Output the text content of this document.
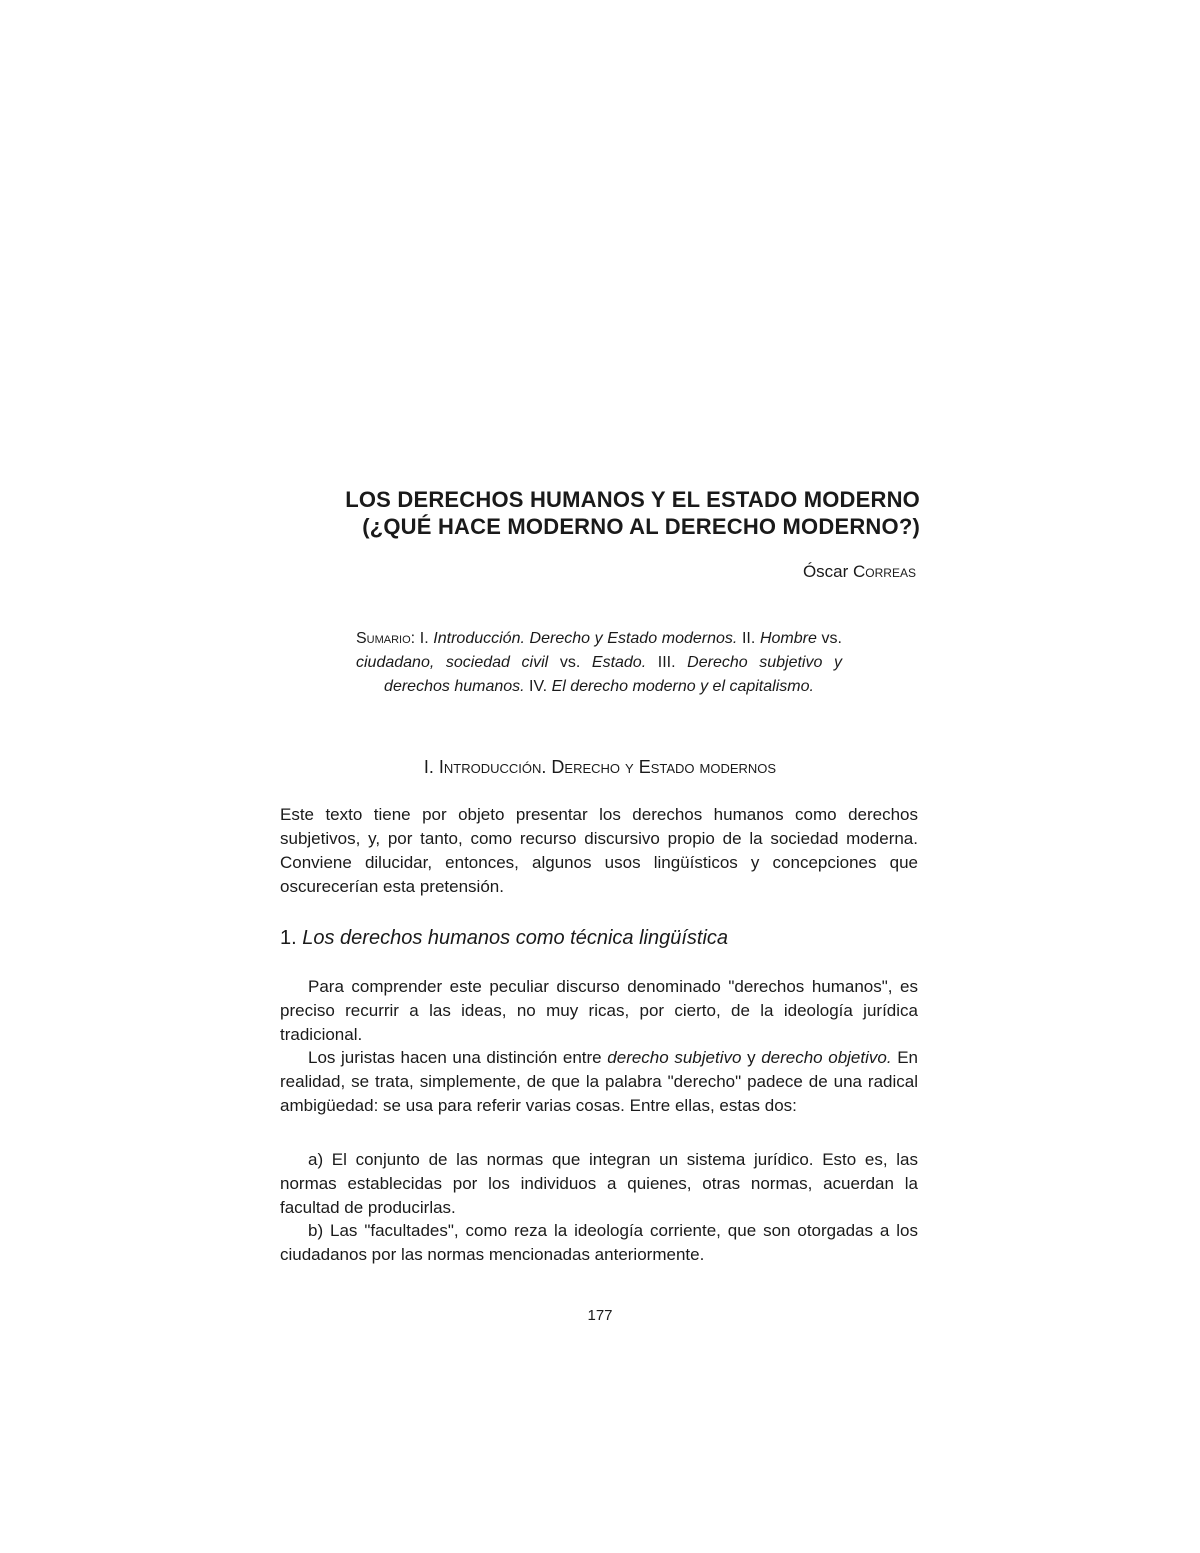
LOS DERECHOS HUMANOS Y EL ESTADO MODERNO
(¿QUÉ HACE MODERNO AL DERECHO MODERNO?)
Óscar Correas

Sumario: I. Introducción. Derecho y Estado modernos. II. Hombre vs. ciudadano, sociedad civil vs. Estado. III. Derecho subjetivo y derechos humanos. IV. El derecho moderno y el capitalismo.

I. Introducción. Derecho y Estado modernos

Este texto tiene por objeto presentar los derechos humanos como derechos subjetivos, y, por tanto, como recurso discursivo propio de la sociedad moderna. Conviene dilucidar, entonces, algunos usos lingüísticos y concepciones que oscurecerían esta pretensión.

1. Los derechos humanos como técnica lingüística

Para comprender este peculiar discurso denominado "derechos humanos", es preciso recurrir a las ideas, no muy ricas, por cierto, de la ideología jurídica tradicional.

Los juristas hacen una distinción entre derecho subjetivo y derecho objetivo. En realidad, se trata, simplemente, de que la palabra "derecho" padece de una radical ambigüedad: se usa para referir varias cosas. Entre ellas, estas dos:

a) El conjunto de las normas que integran un sistema jurídico. Esto es, las normas establecidas por los individuos a quienes, otras normas, acuerdan la facultad de producirlas.

b) Las "facultades", como reza la ideología corriente, que son otorgadas a los ciudadanos por las normas mencionadas anteriormente.

177
